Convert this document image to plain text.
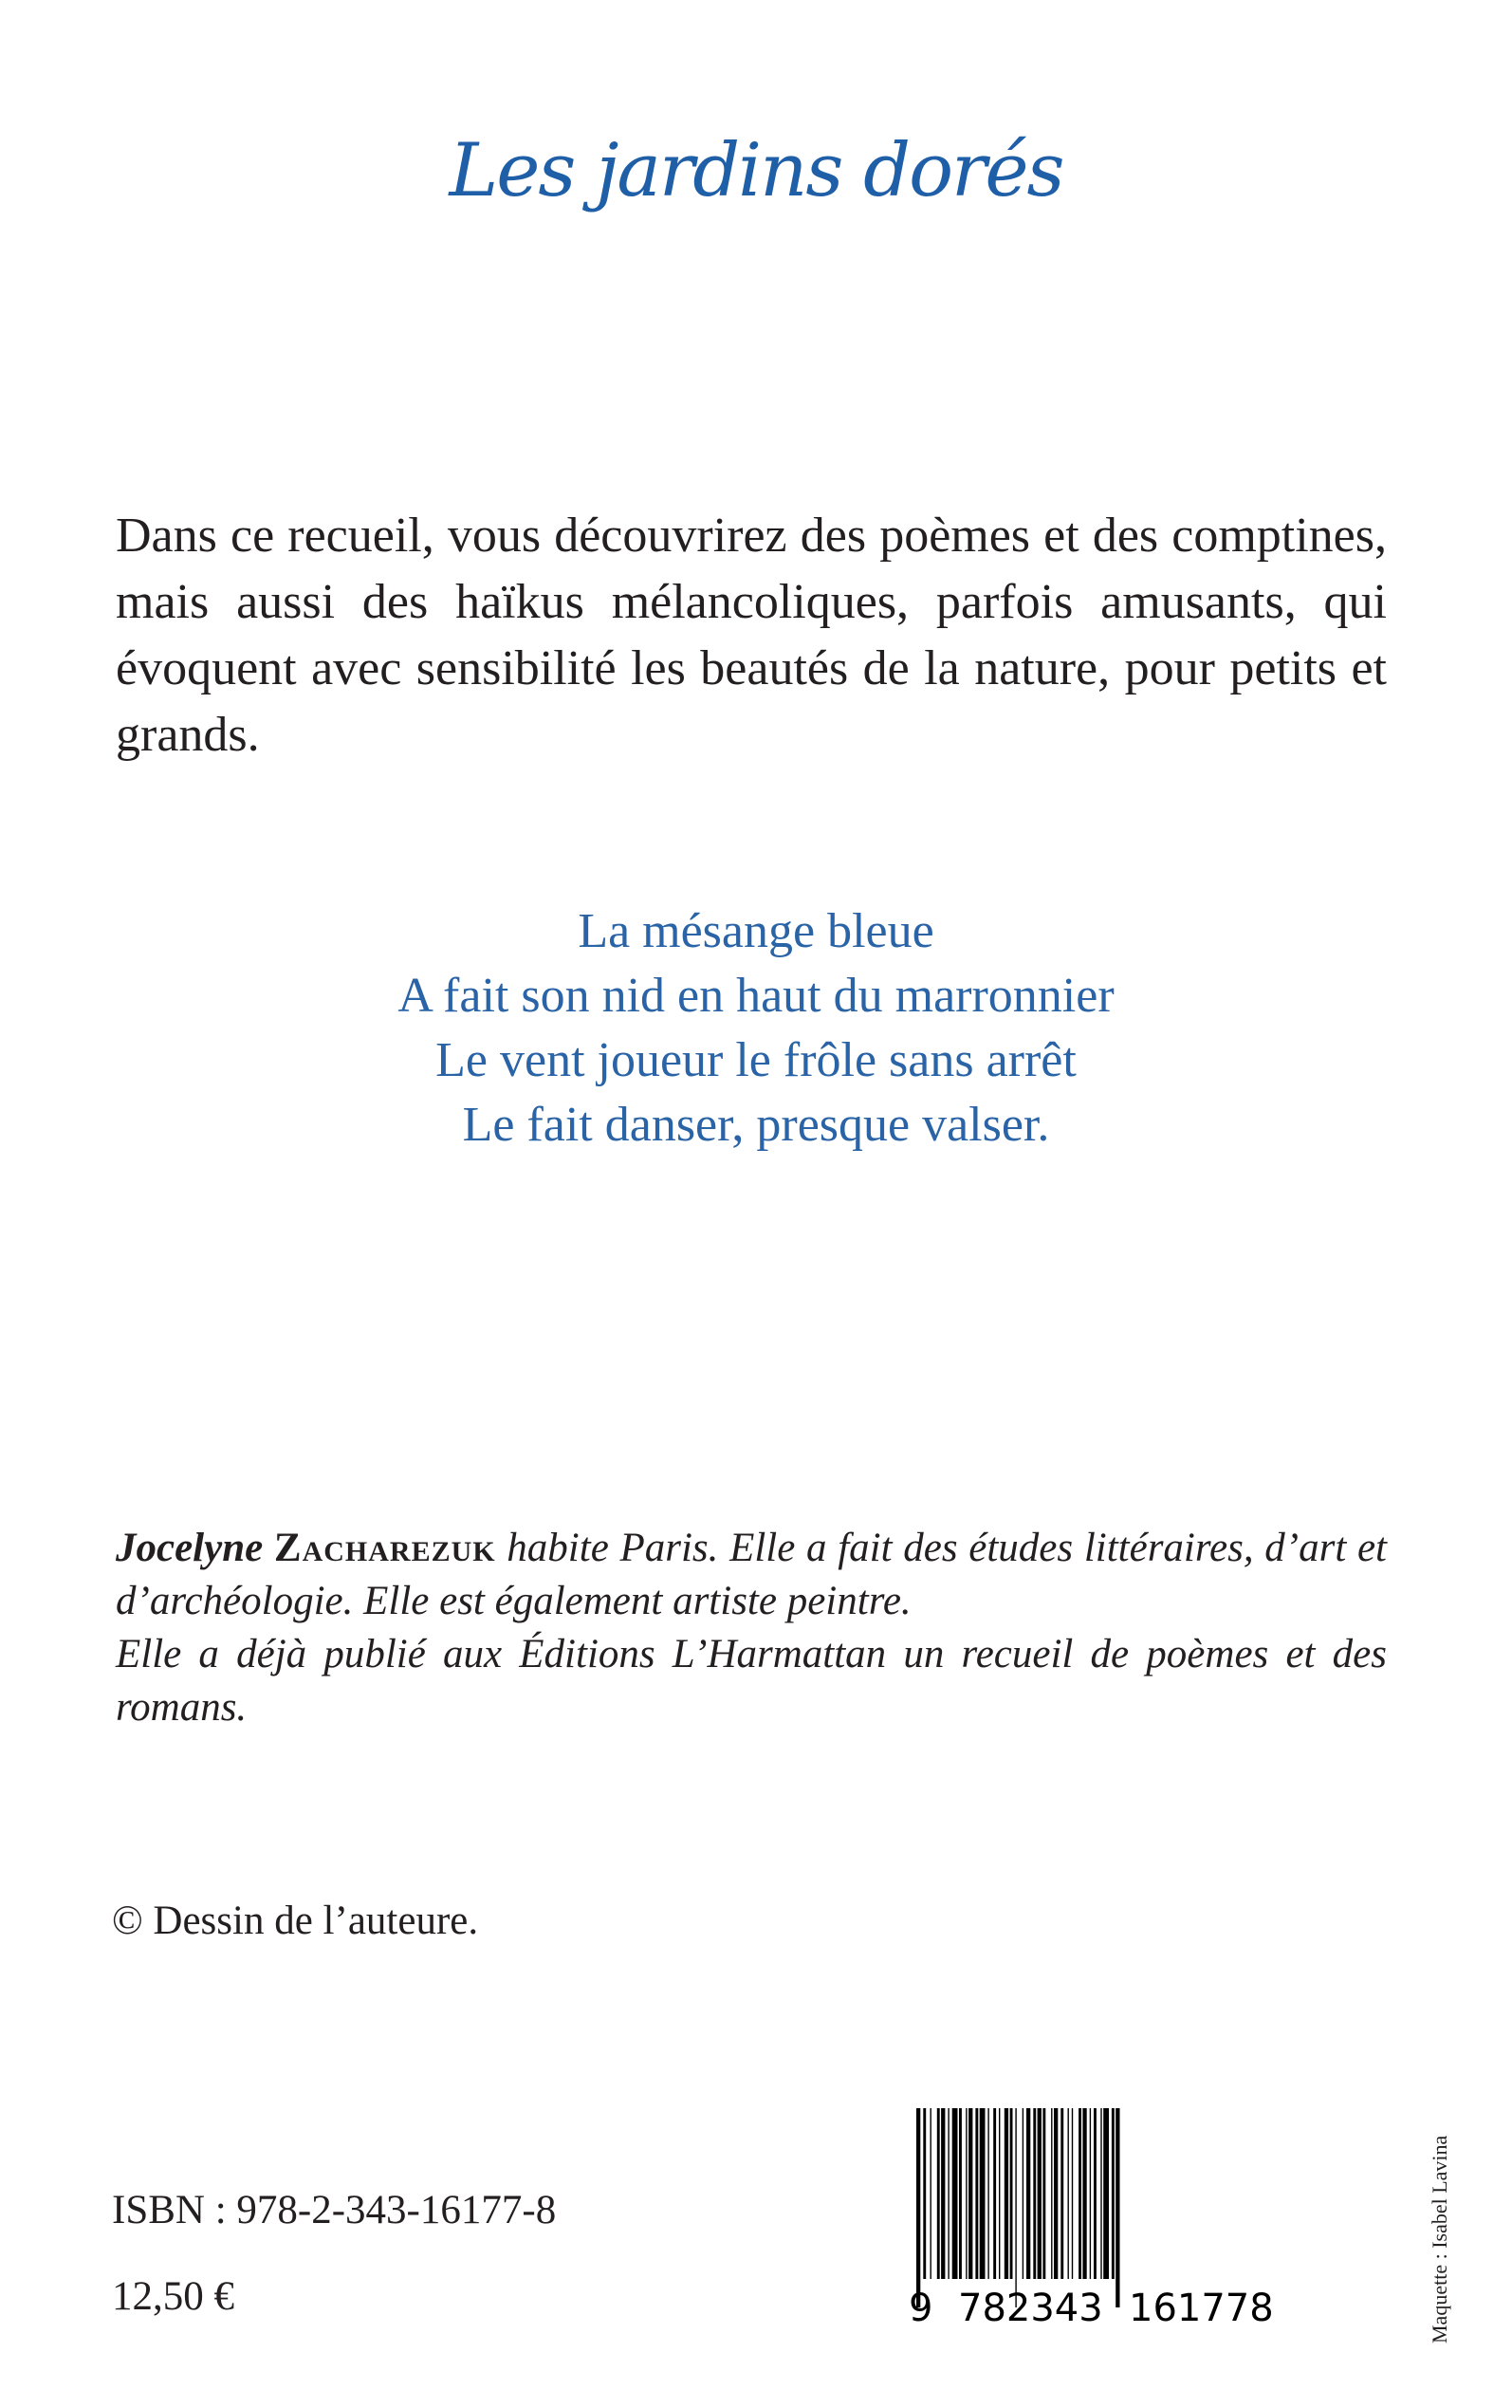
Les jardins dorés

Dans ce recueil, vous découvrirez des poèmes et des comptines, mais aussi des haïkus mélancoliques, parfois amusants, qui évoquent avec sensibilité les beautés de la nature, pour petits et grands.

La mésange bleue
A fait son nid en haut du marronnier
Le vent joueur le frôle sans arrêt
Le fait danser, presque valser.

Jocelyne Zacharezuk habite Paris. Elle a fait des études littéraires, d’art et d’archéologie. Elle est également artiste peintre.
Elle a déjà publié aux Éditions L’Harmattan un recueil de poèmes et des romans.

© Dessin de l’auteure.
ISBN : 978-2-343-16177-8
12,50 €	9 782343 161778	Maquette : Isabel Lavina
